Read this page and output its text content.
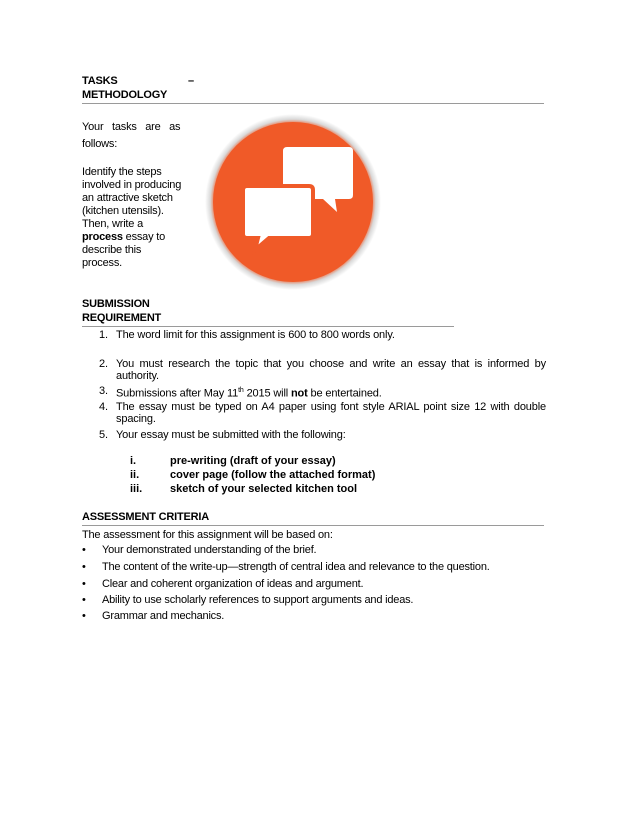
TASKS	–
METHODOLOGY
Your   tasks   are   as
follows:
Identify the steps
involved in producing
an attractive sketch
(kitchen utensils).
Then, write a
process essay to
describe this
process.
SUBMISSION
REQUIREMENT
1. The word limit for this assignment is 600 to 800 words only.
2. You must research the topic that you choose and write an essay that is informed by authority.
3. Submissions after May 11th 2015 will not be entertained.
4. The essay must be typed on A4 paper using font style ARIAL point size 12 with double spacing.
5. Your essay must be submitted with the following:
i.	pre-writing (draft of your essay)
ii.	cover page (follow the attached format)
iii.	sketch of your selected kitchen tool
ASSESSMENT CRITERIA
The assessment for this assignment will be based on:
• Your demonstrated understanding of the brief.
• The content of the write-up—strength of central idea and relevance to the question.
• Clear and coherent organization of ideas and argument.
• Ability to use scholarly references to support arguments and ideas.
• Grammar and mechanics.
